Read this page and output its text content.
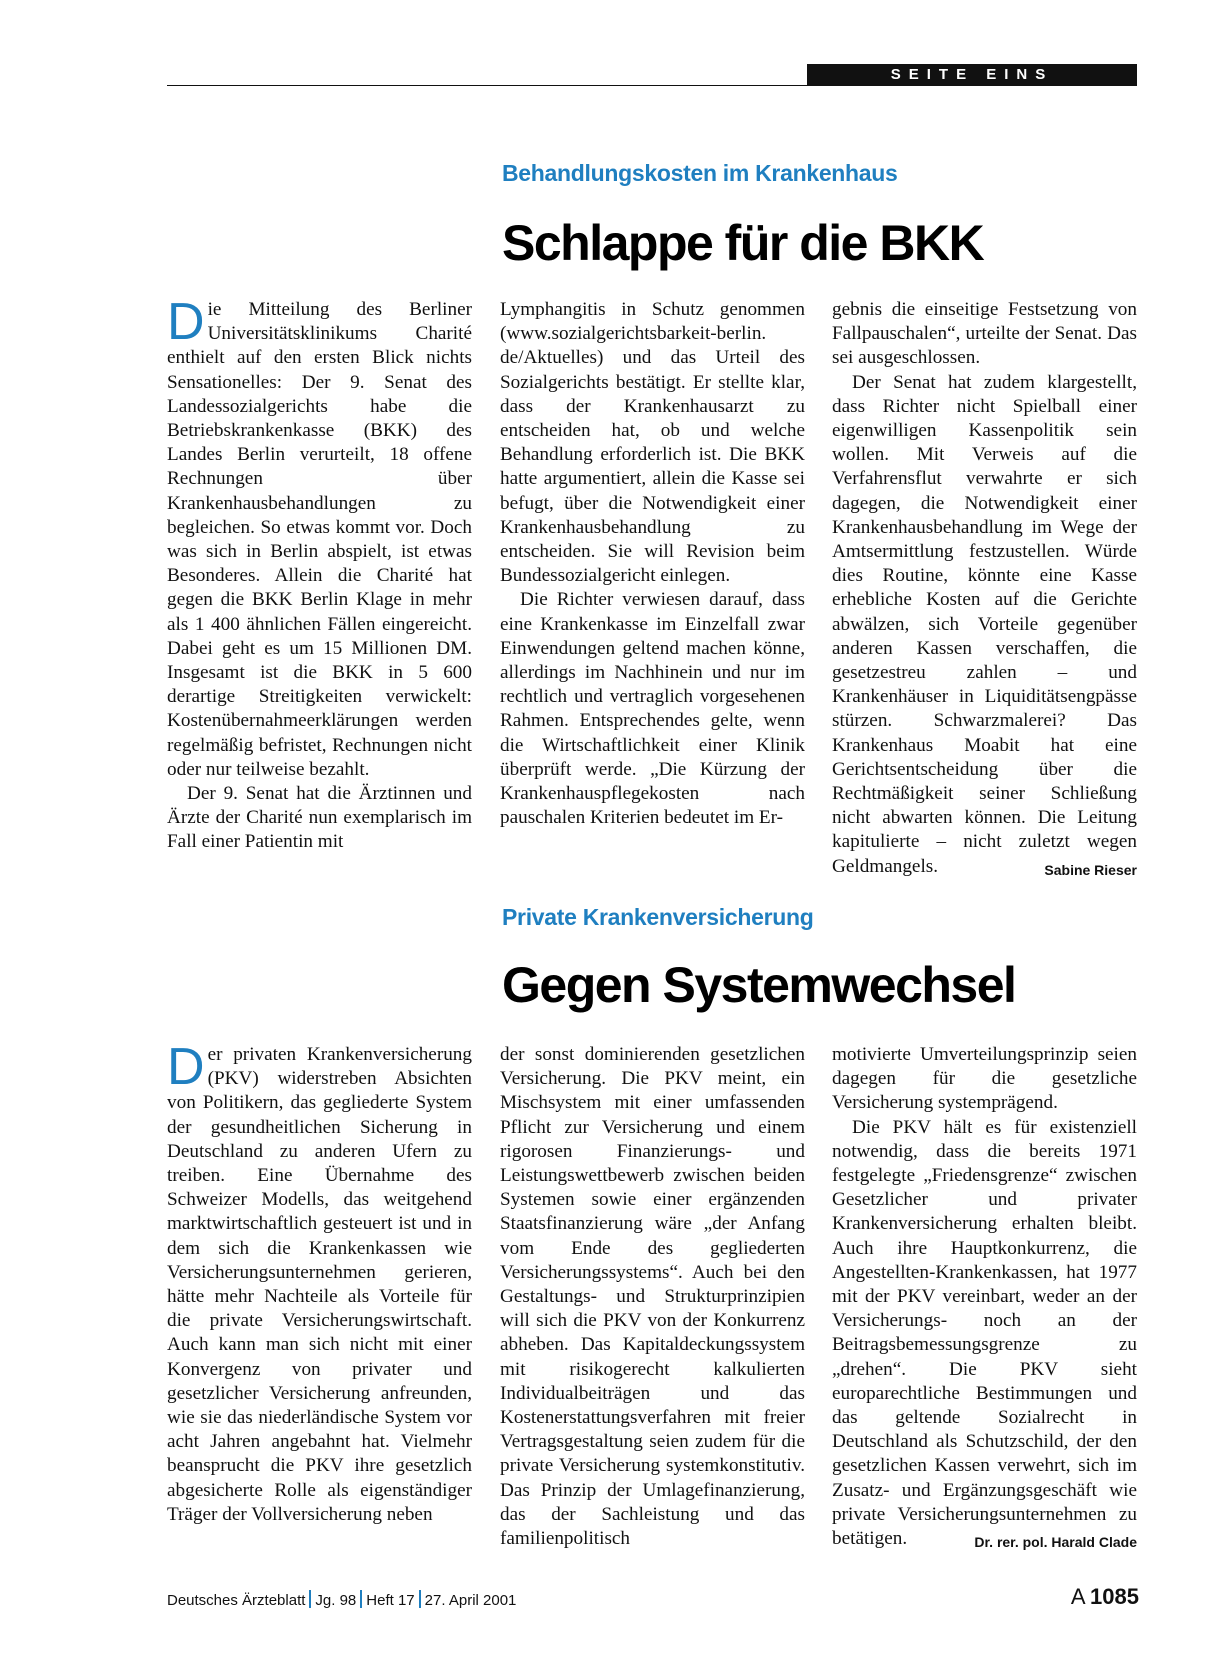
SEITE EINS
Behandlungskosten im Krankenhaus
Schlappe für die BKK

Die Mitteilung des Berliner Universitätsklinikums Charité enthielt auf den ersten Blick nichts Sensationelles: Der 9. Senat des Landessozialgerichts habe die Betriebskrankenkasse (BKK) des Landes Berlin verurteilt, 18 offene Rechnungen über Krankenhausbehandlungen zu begleichen. So etwas kommt vor. Doch was sich in Berlin abspielt, ist etwas Besonderes. Allein die Charité hat gegen die BKK Berlin Klage in mehr als 1 400 ähnlichen Fällen eingereicht. Dabei geht es um 15 Millionen DM. Insgesamt ist die BKK in 5 600 derartige Streitigkeiten verwickelt: Kostenübernahmeerklärungen werden regelmäßig befristet, Rechnungen nicht oder nur teilweise bezahlt.

Der 9. Senat hat die Ärztinnen und Ärzte der Charité nun exemplarisch im Fall einer Patientin mit

Lymphangitis in Schutz genommen (www.sozialgerichtsbarkeit-berlin. de/Aktuelles) und das Urteil des Sozialgerichts bestätigt. Er stellte klar, dass der Krankenhausarzt zu entscheiden hat, ob und welche Behandlung erforderlich ist. Die BKK hatte argumentiert, allein die Kasse sei befugt, über die Notwendigkeit einer Krankenhausbehandlung zu entscheiden. Sie will Revision beim Bundessozialgericht einlegen.

Die Richter verwiesen darauf, dass eine Krankenkasse im Einzelfall zwar Einwendungen geltend machen könne, allerdings im Nachhinein und nur im rechtlich und vertraglich vorgesehenen Rahmen. Entsprechendes gelte, wenn die Wirtschaftlichkeit einer Klinik überprüft werde. „Die Kürzung der Krankenhauspflegekosten nach pauschalen Kriterien bedeutet im Er-

gebnis die einseitige Festsetzung von Fallpauschalen“, urteilte der Senat. Das sei ausgeschlossen.

Der Senat hat zudem klargestellt, dass Richter nicht Spielball einer eigenwilligen Kassenpolitik sein wollen. Mit Verweis auf die Verfahrensflut verwahrte er sich dagegen, die Notwendigkeit einer Krankenhausbehandlung im Wege der Amtsermittlung festzustellen. Würde dies Routine, könnte eine Kasse erhebliche Kosten auf die Gerichte abwälzen, sich Vorteile gegenüber anderen Kassen verschaffen, die gesetzestreu zahlen – und Krankenhäuser in Liquiditätsengpässe stürzen. Schwarzmalerei? Das Krankenhaus Moabit hat eine Gerichtsentscheidung über die Rechtmäßigkeit seiner Schließung nicht abwarten können. Die Leitung kapitulierte – nicht zuletzt wegen Geldmangels.	Sabine Rieser

Private Krankenversicherung
Gegen Systemwechsel

Der privaten Krankenversicherung (PKV) widerstreben Absichten von Politikern, das gegliederte System der gesundheitlichen Sicherung in Deutschland zu anderen Ufern zu treiben. Eine Übernahme des Schweizer Modells, das weitgehend marktwirtschaftlich gesteuert ist und in dem sich die Krankenkassen wie Versicherungsunternehmen gerieren, hätte mehr Nachteile als Vorteile für die private Versicherungswirtschaft. Auch kann man sich nicht mit einer Konvergenz von privater und gesetzlicher Versicherung anfreunden, wie sie das niederländische System vor acht Jahren angebahnt hat. Vielmehr beansprucht die PKV ihre gesetzlich abgesicherte Rolle als eigenständiger Träger der Vollversicherung neben

der sonst dominierenden gesetzlichen Versicherung. Die PKV meint, ein Mischsystem mit einer umfassenden Pflicht zur Versicherung und einem rigorosen Finanzierungs- und Leistungswettbewerb zwischen beiden Systemen sowie einer ergänzenden Staatsfinanzierung wäre „der Anfang vom Ende des gegliederten Versicherungssystems“. Auch bei den Gestaltungs- und Strukturprinzipien will sich die PKV von der Konkurrenz abheben. Das Kapitaldeckungssystem mit risikogerecht kalkulierten Individualbeiträgen und das Kostenerstattungsverfahren mit freier Vertragsgestaltung seien zudem für die private Versicherung systemkonstitutiv. Das Prinzip der Umlagefinanzierung, das der Sachleistung und das familienpolitisch

motivierte Umverteilungsprinzip seien dagegen für die gesetzliche Versicherung systemprägend.

Die PKV hält es für existenziell notwendig, dass die bereits 1971 festgelegte „Friedensgrenze“ zwischen Gesetzlicher und privater Krankenversicherung erhalten bleibt. Auch ihre Hauptkonkurrenz, die Angestellten-Krankenkassen, hat 1977 mit der PKV vereinbart, weder an der Versicherungs- noch an der Beitragsbemessungsgrenze zu „drehen“. Die PKV sieht europarechtliche Bestimmungen und das geltende Sozialrecht in Deutschland als Schutzschild, der den gesetzlichen Kassen verwehrt, sich im Zusatz- und Ergänzungsgeschäft wie private Versicherungsunternehmen zu betätigen.	Dr. rer. pol. Harald Clade

Deutsches Ärzteblatt Jg. 98 Heft 17 27. April 2001	A 1085
